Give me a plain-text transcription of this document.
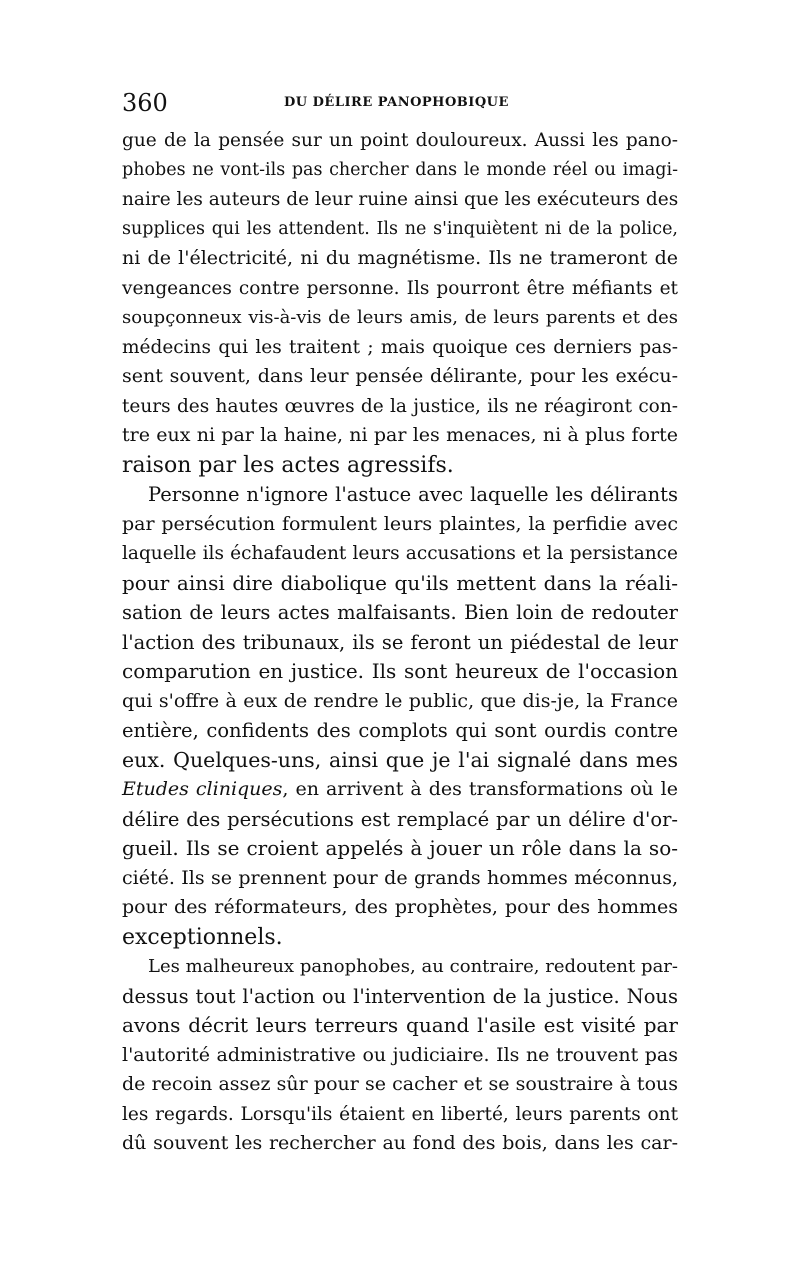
360	DU DÉLIRE PANOPHOBIQUE
gue de la pensée sur un point douloureux. Aussi les pano-
phobes ne vont-ils pas chercher dans le monde réel ou imagi-
naire les auteurs de leur ruine ainsi que les exécuteurs des
supplices qui les attendent. Ils ne s'inquiètent ni de la police,
ni de l'électricité, ni du magnétisme. Ils ne trameront de
vengeances contre personne. Ils pourront être méfiants et
soupçonneux vis-à-vis de leurs amis, de leurs parents et des
médecins qui les traitent ; mais quoique ces derniers pas-
sent souvent, dans leur pensée délirante, pour les exécu-
teurs des hautes œuvres de la justice, ils ne réagiront con-
tre eux ni par la haine, ni par les menaces, ni à plus forte
raison par les actes agressifs.
Personne n'ignore l'astuce avec laquelle les délirants
par persécution formulent leurs plaintes, la perfidie avec
laquelle ils échafaudent leurs accusations et la persistance
pour ainsi dire diabolique qu'ils mettent dans la réali-
sation de leurs actes malfaisants. Bien loin de redouter
l'action des tribunaux, ils se feront un piédestal de leur
comparution en justice. Ils sont heureux de l'occasion
qui s'offre à eux de rendre le public, que dis-je, la France
entière, confidents des complots qui sont ourdis contre
eux. Quelques-uns, ainsi que je l'ai signalé dans mes
Etudes cliniques, en arrivent à des transformations où le
délire des persécutions est remplacé par un délire d'or-
gueil. Ils se croient appelés à jouer un rôle dans la so-
ciété. Ils se prennent pour de grands hommes méconnus,
pour des réformateurs, des prophètes, pour des hommes
exceptionnels.
Les malheureux panophobes, au contraire, redoutent par-
dessus tout l'action ou l'intervention de la justice. Nous
avons décrit leurs terreurs quand l'asile est visité par
l'autorité administrative ou judiciaire. Ils ne trouvent pas
de recoin assez sûr pour se cacher et se soustraire à tous
les regards. Lorsqu'ils étaient en liberté, leurs parents ont
dû souvent les rechercher au fond des bois, dans les car-
